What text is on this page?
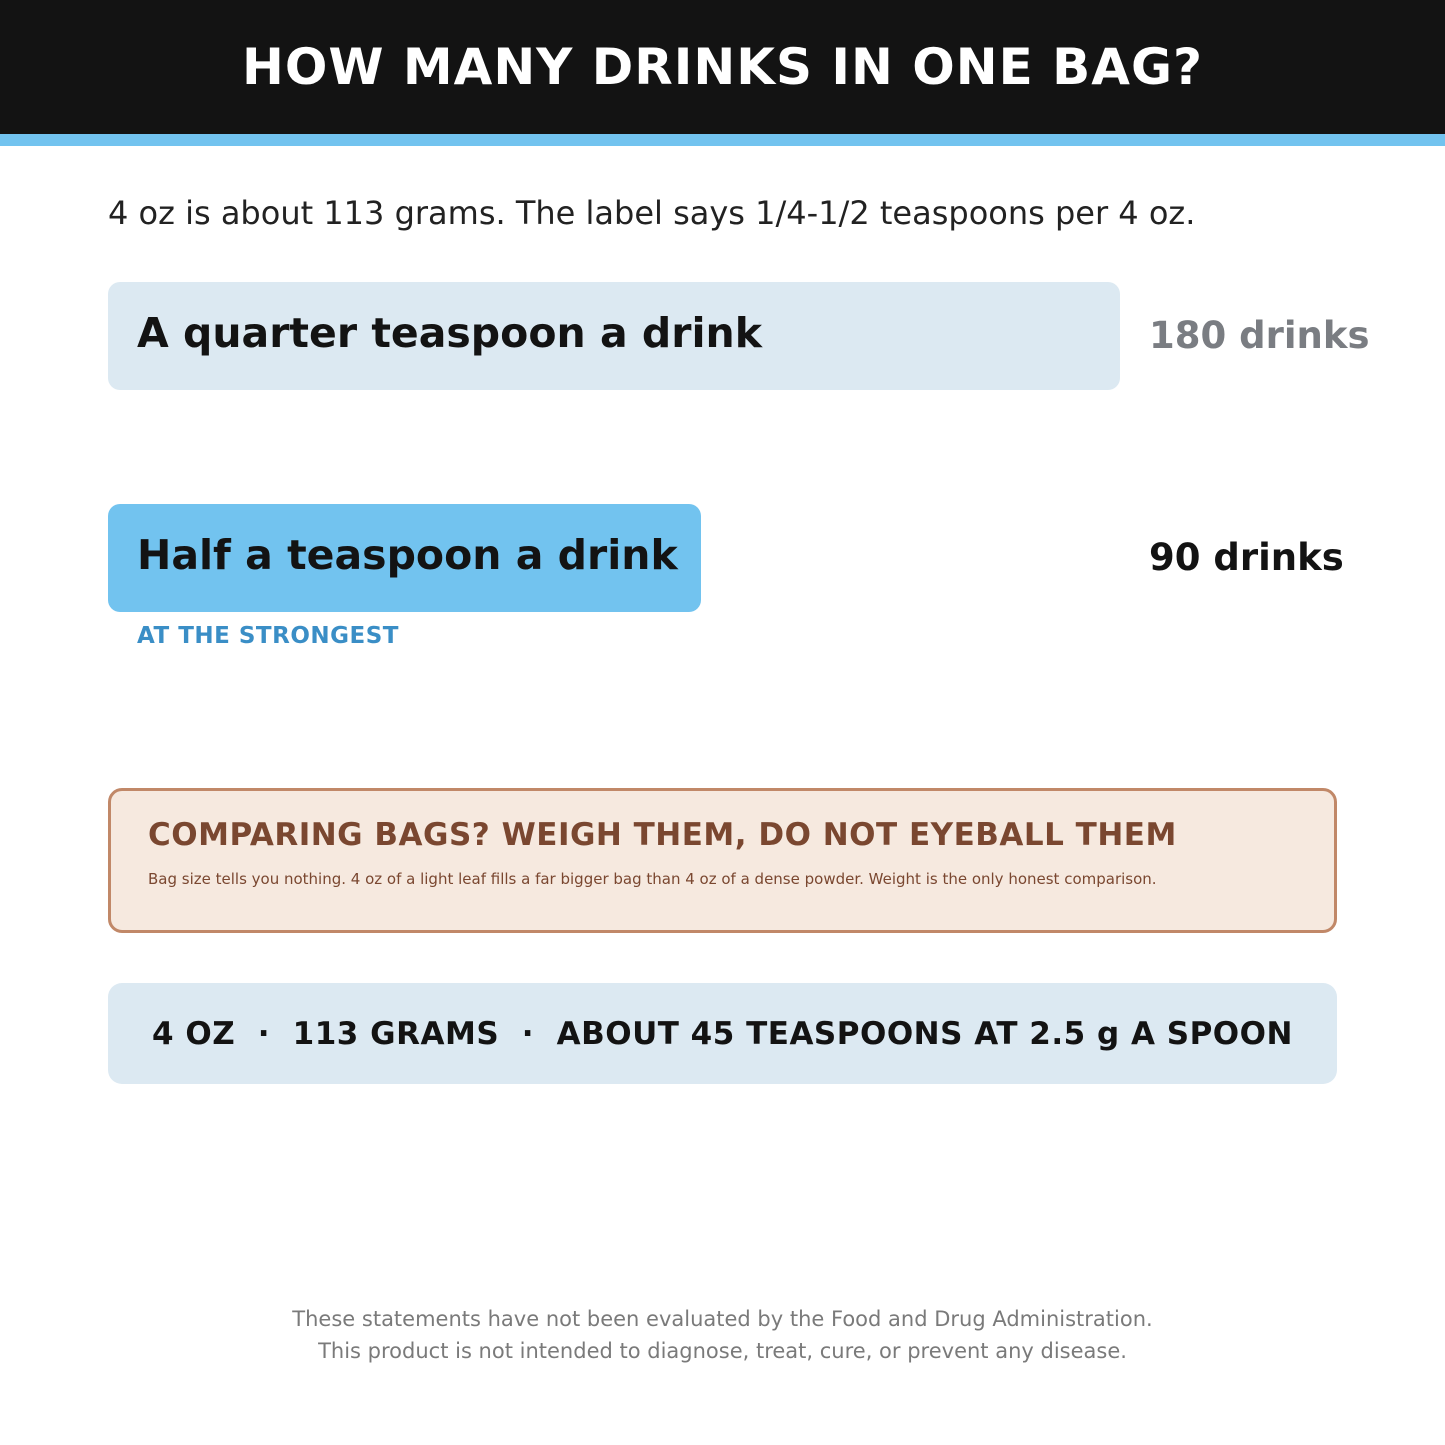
HOW MANY DRINKS IN ONE BAG?
4 oz is about 113 grams. The label says 1/4-1/2 teaspoons per 4 oz.
A quarter teaspoon a drink	180 drinks
Half a teaspoon a drink	90 drinks
AT THE STRONGEST
COMPARING BAGS? WEIGH THEM, DO NOT EYEBALL THEM
Bag size tells you nothing. 4 oz of a light leaf fills a far bigger bag than 4 oz of a dense powder. Weight is the only honest comparison.
4 OZ  ·  113 GRAMS  ·  ABOUT 45 TEASPOONS AT 2.5 g A SPOON
These statements have not been evaluated by the Food and Drug Administration.
This product is not intended to diagnose, treat, cure, or prevent any disease.
